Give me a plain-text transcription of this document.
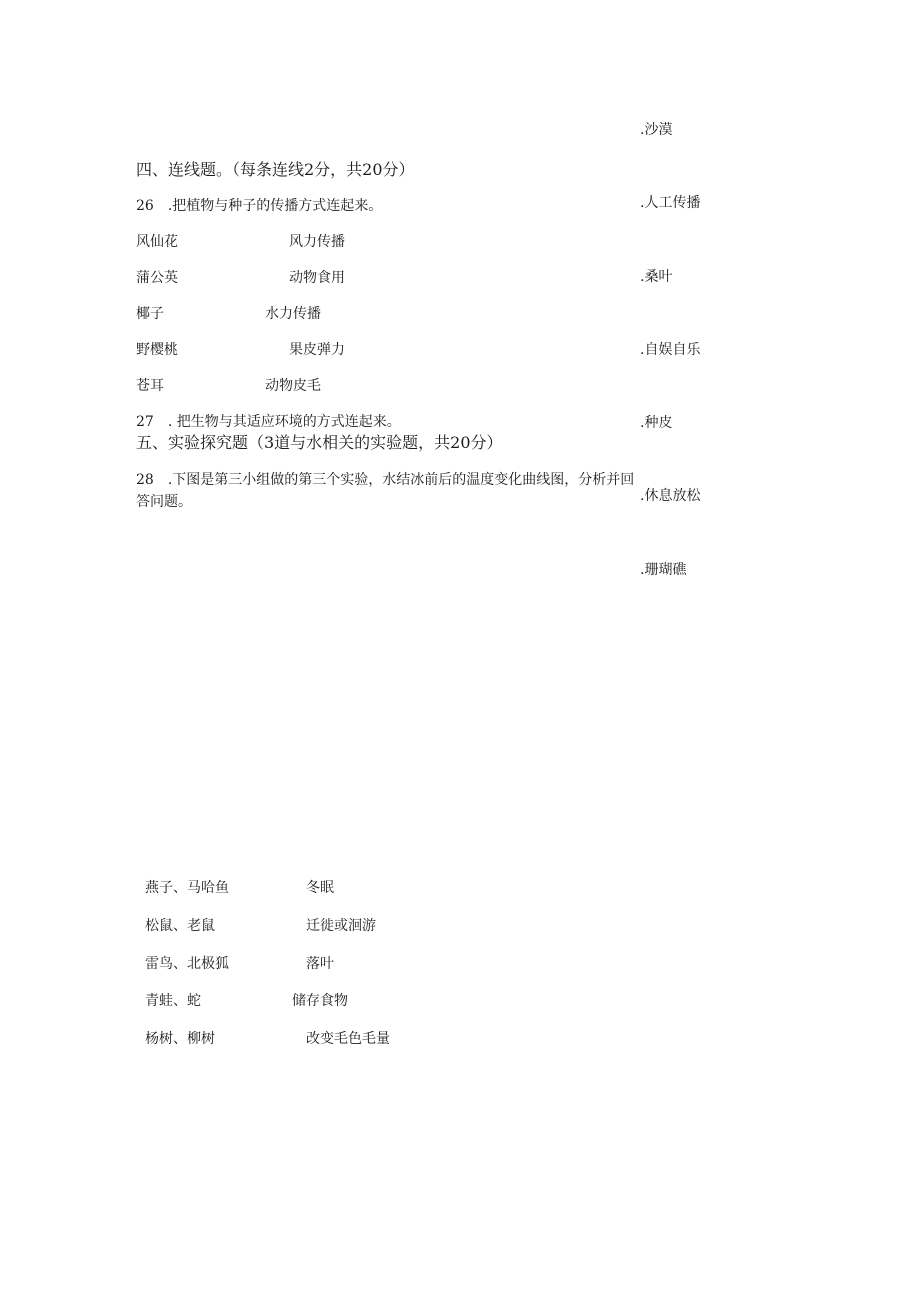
.沙漠
.人工传播
.桑叶
.自娱自乐
.种皮
.休息放松
.珊瑚礁
四、连线题。（每条连线2分，共20分）
26　.把植物与种子的传播方式连起来。
风仙花	风力传播
蒲公英	动物食用
椰子	水力传播
野樱桃	果皮弹力
苍耳	动物皮毛
27　. 把生物与其适应环境的方式连起来。
五、实验探究题（3道与水相关的实验题，共20分）
28　.下图是第三小组做的第三个实验，水结冰前后的温度变化曲线图，分析并回答问题。
燕子、马哈鱼	冬眠
松鼠、老鼠	迁徙或洄游
雷鸟、北极狐	落叶
青蛙、蛇	储存食物
杨树、柳树	改变毛色毛量
